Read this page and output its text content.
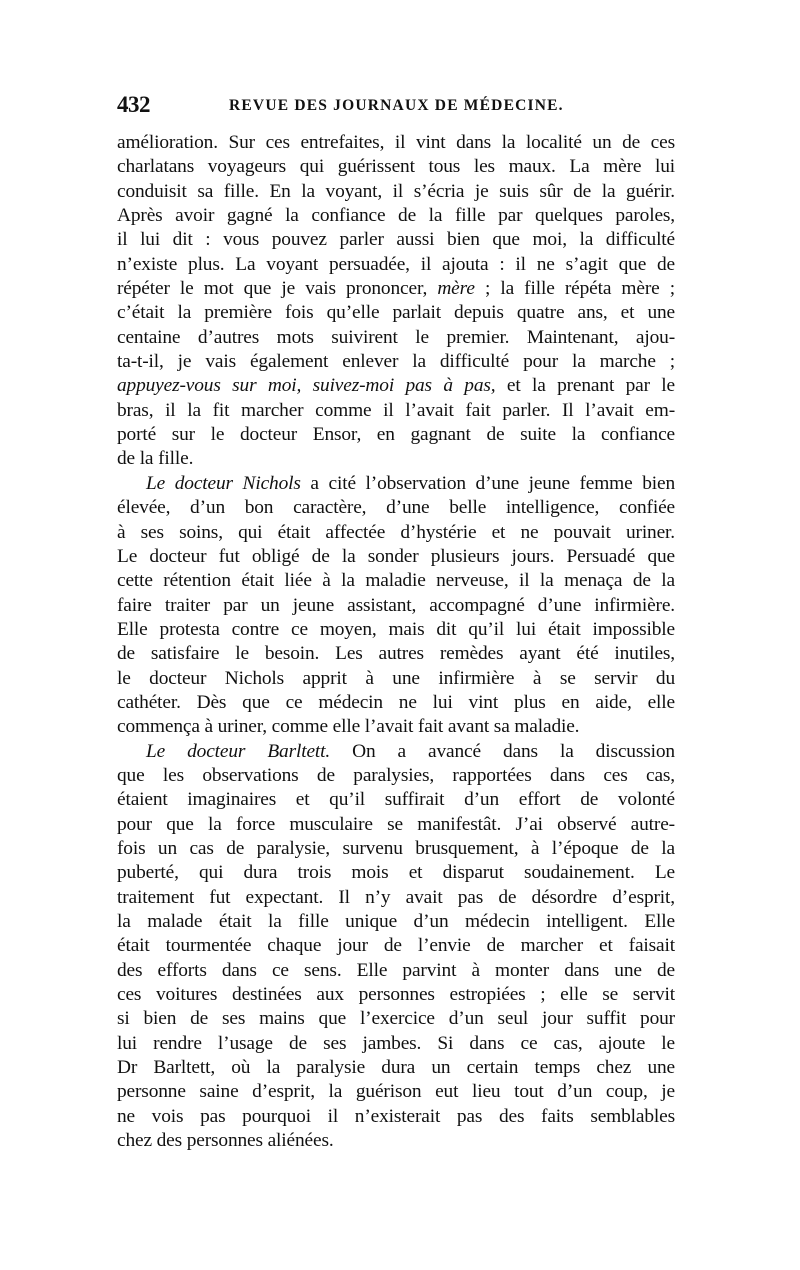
432	REVUE DES JOURNAUX DE MÉDECINE.
amélioration. Sur ces entrefaites, il vint dans la localité un de ces
charlatans voyageurs qui guérissent tous les maux. La mère lui
conduisit sa fille. En la voyant, il s’écria je suis sûr de la guérir.
Après avoir gagné la confiance de la fille par quelques paroles,
il lui dit : vous pouvez parler aussi bien que moi, la difficulté
n’existe plus. La voyant persuadée, il ajouta : il ne s’agit que de
répéter le mot que je vais prononcer, mère ; la fille répéta mère ;
c’était la première fois qu’elle parlait depuis quatre ans, et une
centaine d’autres mots suivirent le premier. Maintenant, ajou-
ta-t-il, je vais également enlever la difficulté pour la marche ;
appuyez-vous sur moi, suivez-moi pas à pas, et la prenant par le
bras, il la fit marcher comme il l’avait fait parler. Il l’avait em-
porté sur le docteur Ensor, en gagnant de suite la confiance
de la fille.
Le docteur Nichols a cité l’observation d’une jeune femme bien
élevée, d’un bon caractère, d’une belle intelligence, confiée
à ses soins, qui était affectée d’hystérie et ne pouvait uriner.
Le docteur fut obligé de la sonder plusieurs jours. Persuadé que
cette rétention était liée à la maladie nerveuse, il la menaça de la
faire traiter par un jeune assistant, accompagné d’une infirmière.
Elle protesta contre ce moyen, mais dit qu’il lui était impossible
de satisfaire le besoin. Les autres remèdes ayant été inutiles,
le docteur Nichols apprit à une infirmière à se servir du
cathéter. Dès que ce médecin ne lui vint plus en aide, elle
commença à uriner, comme elle l’avait fait avant sa maladie.
Le docteur Barltett. On a avancé dans la discussion
que les observations de paralysies, rapportées dans ces cas,
étaient imaginaires et qu’il suffirait d’un effort de volonté
pour que la force musculaire se manifestât. J’ai observé autre-
fois un cas de paralysie, survenu brusquement, à l’époque de la
puberté, qui dura trois mois et disparut soudainement. Le
traitement fut expectant. Il n’y avait pas de désordre d’esprit,
la malade était la fille unique d’un médecin intelligent. Elle
était tourmentée chaque jour de l’envie de marcher et faisait
des efforts dans ce sens. Elle parvint à monter dans une de
ces voitures destinées aux personnes estropiées ; elle se servit
si bien de ses mains que l’exercice d’un seul jour suffit pour
lui rendre l’usage de ses jambes. Si dans ce cas, ajoute le
Dr Barltett, où la paralysie dura un certain temps chez une
personne saine d’esprit, la guérison eut lieu tout d’un coup, je
ne vois pas pourquoi il n’existerait pas des faits semblables
chez des personnes aliénées.
